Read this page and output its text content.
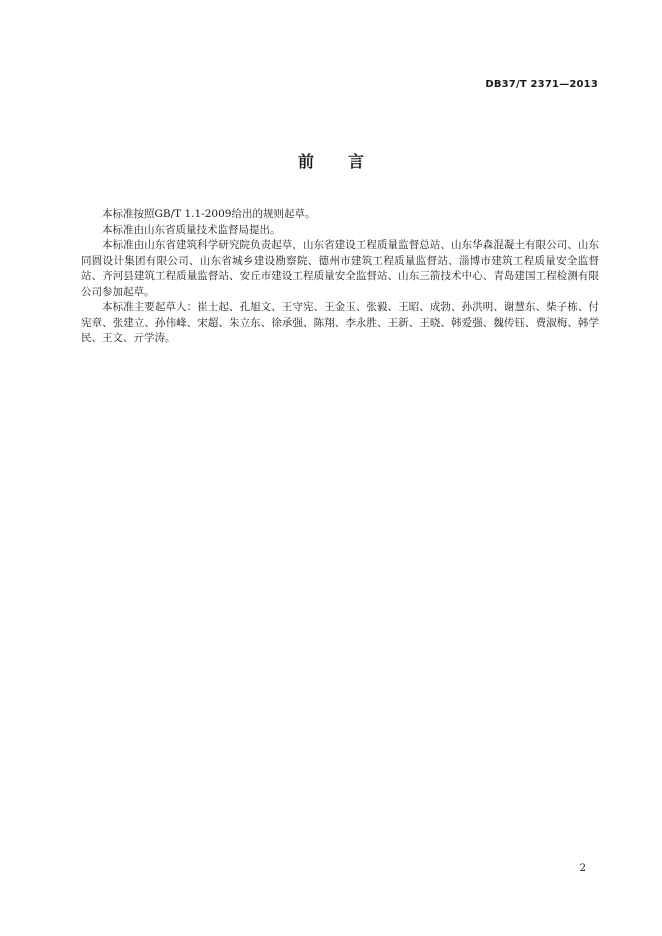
DB37/T 2371—2013
前言

本标准按照GB/T 1.1-2009给出的规则起草。

本标准由山东省质量技术监督局提出。

本标准由山东省建筑科学研究院负责起草，山东省建设工程质量监督总站、山东华森混凝土有限公司、山东同圆设计集团有限公司、山东省城乡建设勘察院、德州市建筑工程质量监督站、淄博市建筑工程质量安全监督站、齐河县建筑工程质量监督站、安丘市建设工程质量安全监督站、山东三箭技术中心、青岛建国工程检测有限公司参加起草。

本标准主要起草人：崔士起、孔旭文、王守宪、王金玉、张毅、王昭、成勃、孙洪明、谢慧东、柴子栋、付宪章、张建立、孙伟峰、宋超、朱立东、徐承强、陈翔、李永胜、王新、王晓、韩爱强、魏传钰、费淑梅、韩学民、王文、亓学涛。

2
